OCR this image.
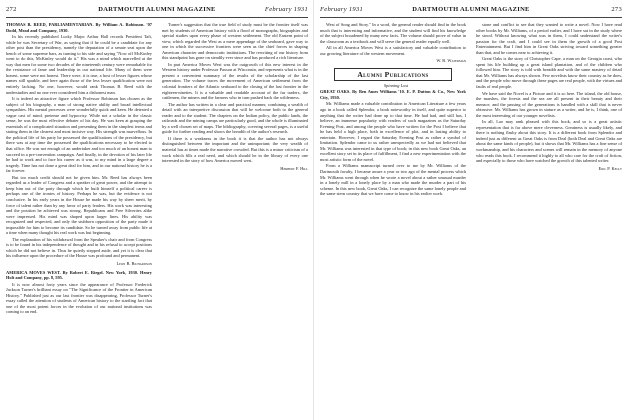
272	DARTMOUTH ALUMNI MAGAZINE	February 1931

THOMAS B. REED, PARLIAMENTARIAN. By William A. Robinson. '07 Dodd, Mead and Company, 1930.

In his recently published Lucky Major Arthur Hall records President Taft, while he was Secretary of War, as saying that if he could be a candidate for any other post than the presidency, namely the deputation of a senate seat upon the bench of some supreme bars, as turning to his side and saying "Now off McKinley went to do this, McKinley would do it." His was a mind which marvelled at the way that men for some two decades of the nineteenth century were remarkable for the resistance of fame and leadership in our national life. Many of them were honest, some were not honest. There were, it is true, a host of lesser figures whose names still sparkle, and here again those of the less lesser qualification were not entirely lacking. No one, however, would rank Thomas B. Reed with the understudies and no one ever considered him a dishonest man.

It is indeed an attractive figure which Professor Robinson has chosen as the subject of his biography, a man of strong native ability and broad intellectual sympathies. His mental processes were wonderfully quick and keen. He detested a vague cast of mind, pretense and hypocrisy. While not a scholar in the classic sense, he was the most effective debater of his day. He was keen at grasping the essentials of a complicated situation and presenting them in the simplest terms and stating them in the clearest and most incisive way. His strength was marvellous. In the political life of his party he possessed the qualifications of the presidency, but there was at any time the possessed the qualifications necessary to be elected to that office. He was not enough of an undertaker and too much of an honest man to succeed in a pre-convention campaign. And finally, in the devotion of his later life he had to work and to face his career as it was, to my mind in a large degree a tragedy. Time has not done a great deal for him, and in our national history he is a far forever.

But too much credit should not be given him. Mr. Reed has always been regarded as a leader of Congress and a speaker of great power, and the attempt to keep him out of the party through which he built himself a political career is perhaps one of the ironies of history. Perhaps he was, but the evidence is not conclusive. In his early years in the House he made his way by sheer merit, by force of talent rather than by any favor of party leaders. His work was interesting and the position he achieved was strong. Republicans and Free Silverites alike were impressed. His mind was shaped upon larger lines. His ability was recognized and respected, and only the stubborn opposition of the party made it impossible for him to become its candidate. So he turned away from public life at a time when many thought his real work was but beginning.

The explanation of his withdrawal from the Speaker's chair and from Congress is to be found in his independence of thought and in his refusal to accept positions which he did not believe in. Thus he quietly stepped aside, and yet it is clear that his influence upon the procedure of the House was profound and permanent.

Leon B. Richardson

AMERICA MOVES WEST. By Robert E. Riegel. New York, 1930. Henry Holt and Company, pp. 8, 595.

It is now almost forty years since the appearance of Professor Frederick Jackson Turner's brilliant essay on "The Significance of the Frontier in American History." Published just as our last frontier was disappearing, Professor Turner's essay called the attention of students of American history to the startling fact that one of the most potent forces in the evolution of our national institutions was coming to an end.

Turner's suggestion that the true field of study must be the frontier itself was met by students of American history with a flood of monographs, biographies and special studies upon every phase of western settlement. The old Eastern point of view, which regarded the West as a mere appendage of the seaboard, gave way to one in which the successive frontiers were seen as the chief forces in shaping American character and democratic institutions. The rewriting of our history from this standpoint has gone on steadily ever since and has produced a rich literature.

In part America Moves West was the outgrowth of this new interest in the Western history under Professor Paxson at Wisconsin, and represents what is in the present a convenient summary of the results of the scholarship of the last generation. The volume traces the movement of American settlement from the colonial frontiers of the Atlantic seaboard to the closing of the last frontier in the eighteen-nineties. It is a valuable and readable account of the fur traders, the cattlemen, the miners and the farmers who in turn pushed back the wilderness.

The author has written in a clear and practical manner, combining a wealth of detail with an interpretive discussion that will be welcome both to the general reader and to the student. The chapters on the Indian policy, the public lands, the railroads and the mining camps are particularly good, and the whole is illuminated by a well chosen set of maps. The bibliography, covering several pages, is a useful guide for further reading and shows the breadth of the author's research.

If there is a weakness in the book it is that the author has not always distinguished between the important and the unimportant; the very wealth of material has at times made the narrative crowded. But this is a minor criticism of a work which fills a real need, and which should be in the library of every one interested in the story of how America moved west.

Herbert F. Hill

February 1931	DARTMOUTH ALUMNI MAGAZINE	273

West of Song and Story." In a word, the general reader should find in the book much that is interesting and informative, and the student will find his knowledge of the subject broadened by many new facts. The volume should prove of value in the classroom as a textbook and will serve the general reader equally well.

All in all America Moves West is a satisfactory and valuable contribution to our growing literature of the western movement.

W. R. Waterman

Alumni Publications

Spinning Lost

GREAT OAKS. By Ben Ames Williams '10. E. P. Dutton & Co., New York City, 1930.

Mr. Williams made a valuable contribution to American Literature a few years ago in a book called Splendor, a book noteworthy in itself, and quite superior to anything that the writer had done up to that time. He had had, and still has, I believe, an immense popularity with readers of such magazines as the Saturday Evening Post, and among the people who have written for the Post I believe that he has held a high place, both in excellence of plot, and in lasting ability to entertain. However, I regard the Saturday Evening Post as rather a symbol of limitation. Splendor came to us rather unexpectedly as we had not believed that Mr. Williams was interested in that type of book; in this new book Great Oaks, an excellent story set in its place of fulfillment, I find a new experimentation with the most artistic form of the novel.

From a Williams manuscript turned over to me by Mr. Williams of the Dartmouth faculty, I became aware a year or two ago of the mental process which Mr. Williams went through when he wrote a novel about a rather unusual murder in a lonely mill in a lonely place by a man who made the murder a part of his scheme. In this new book, Great Oaks, I can recognize the same lonely people and the same stern country that we have come to know in his earlier work.

stone and conflict to see that they wanted to write a novel. Now I have read other books by Mr. Williams, of a period earlier, and I have sat in the study where he stood. Without knowing what was in them, I could understand the writer's passion for the craft, and I could see in them the growth of a good Post Entertainment. But I find him in Great Oaks striving toward something greater than that, and he comes near to achieving it.

Great Oaks is the story of Christopher Cape, a man on the Georgia coast, who spent his life building up a great island plantation, and of the children who followed him. The story is told with breadth and with the same mastery of detail that Mr. Williams has always shown. Few novelists know their country as he does, and the people who move through these pages are real people, with the virtues and faults of real people.

We have said the Novel is a Picture and it is so here. The island, the old house, the marshes, the forests and the sea are all present in their beauty and their menace, and the passing of the generations is handled with a skill that is never obtrusive. Mr. Williams has grown in stature as a writer, and he is, I think, one of the most interesting of our younger novelists.

In all, Lao may rank pleased with this book, and so is a great artistic representation that is far above mere cleverness. Greatness is usually likely, and there is nothing flashy about this story. It is a different book from Splendor and indeed just as different as Great Oaks is from Deal (both Deal and Great Oaks are about the same kinds of people), but it shows that Mr. Williams has a fine sense of workmanship, and his characters and scenes will remain in the memory of anyone who reads this book. I recommend it highly to all who care for the craft of fiction, and especially to those who have watched the growth of this talented writer.

Eric P. Kelly
